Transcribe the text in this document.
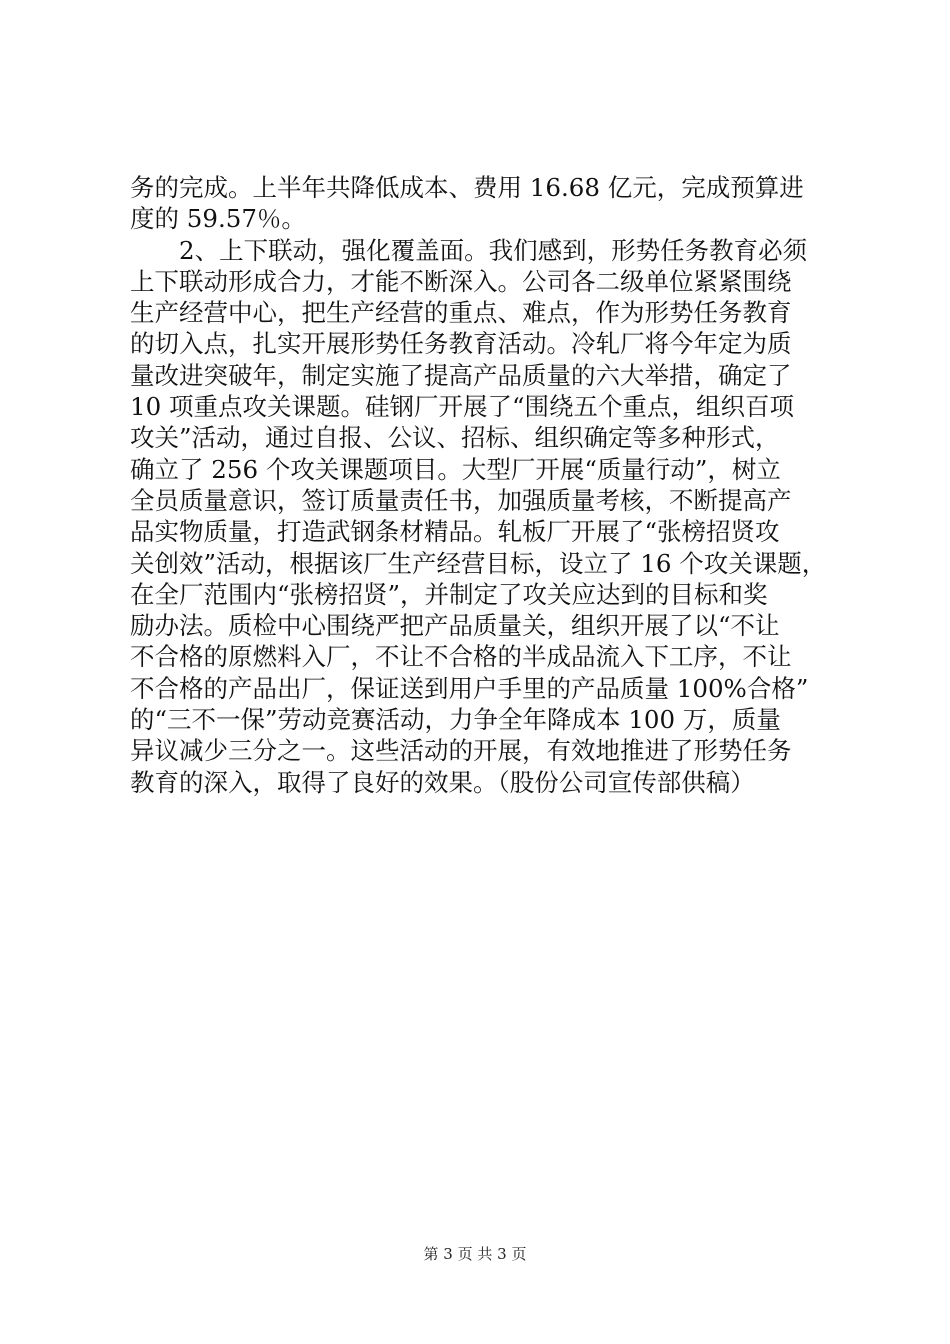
务的完成。上半年共降低成本、费用 16.68 亿元，完成预算进
度的 59.57％。
　　2、上下联动，强化覆盖面。我们感到，形势任务教育必须
上下联动形成合力，才能不断深入。公司各二级单位紧紧围绕
生产经营中心，把生产经营的重点、难点，作为形势任务教育
的切入点，扎实开展形势任务教育活动。冷轧厂将今年定为质
量改进突破年，制定实施了提高产品质量的六大举措，确定了
10 项重点攻关课题。硅钢厂开展了“围绕五个重点，组织百项
攻关”活动，通过自报、公议、招标、组织确定等多种形式，
确立了 256 个攻关课题项目。大型厂开展“质量行动”，树立
全员质量意识，签订质量责任书，加强质量考核，不断提高产
品实物质量，打造武钢条材精品。轧板厂开展了“张榜招贤攻
关创效”活动，根据该厂生产经营目标，设立了 16 个攻关课题，
在全厂范围内“张榜招贤”，并制定了攻关应达到的目标和奖
励办法。质检中心围绕严把产品质量关，组织开展了以“不让
不合格的原燃料入厂，不让不合格的半成品流入下工序，不让
不合格的产品出厂，保证送到用户手里的产品质量 100%合格”
的“三不一保”劳动竞赛活动，力争全年降成本 100 万，质量
异议减少三分之一。这些活动的开展，有效地推进了形势任务
教育的深入，取得了良好的效果。（股份公司宣传部供稿）
第 3 页 共 3 页
